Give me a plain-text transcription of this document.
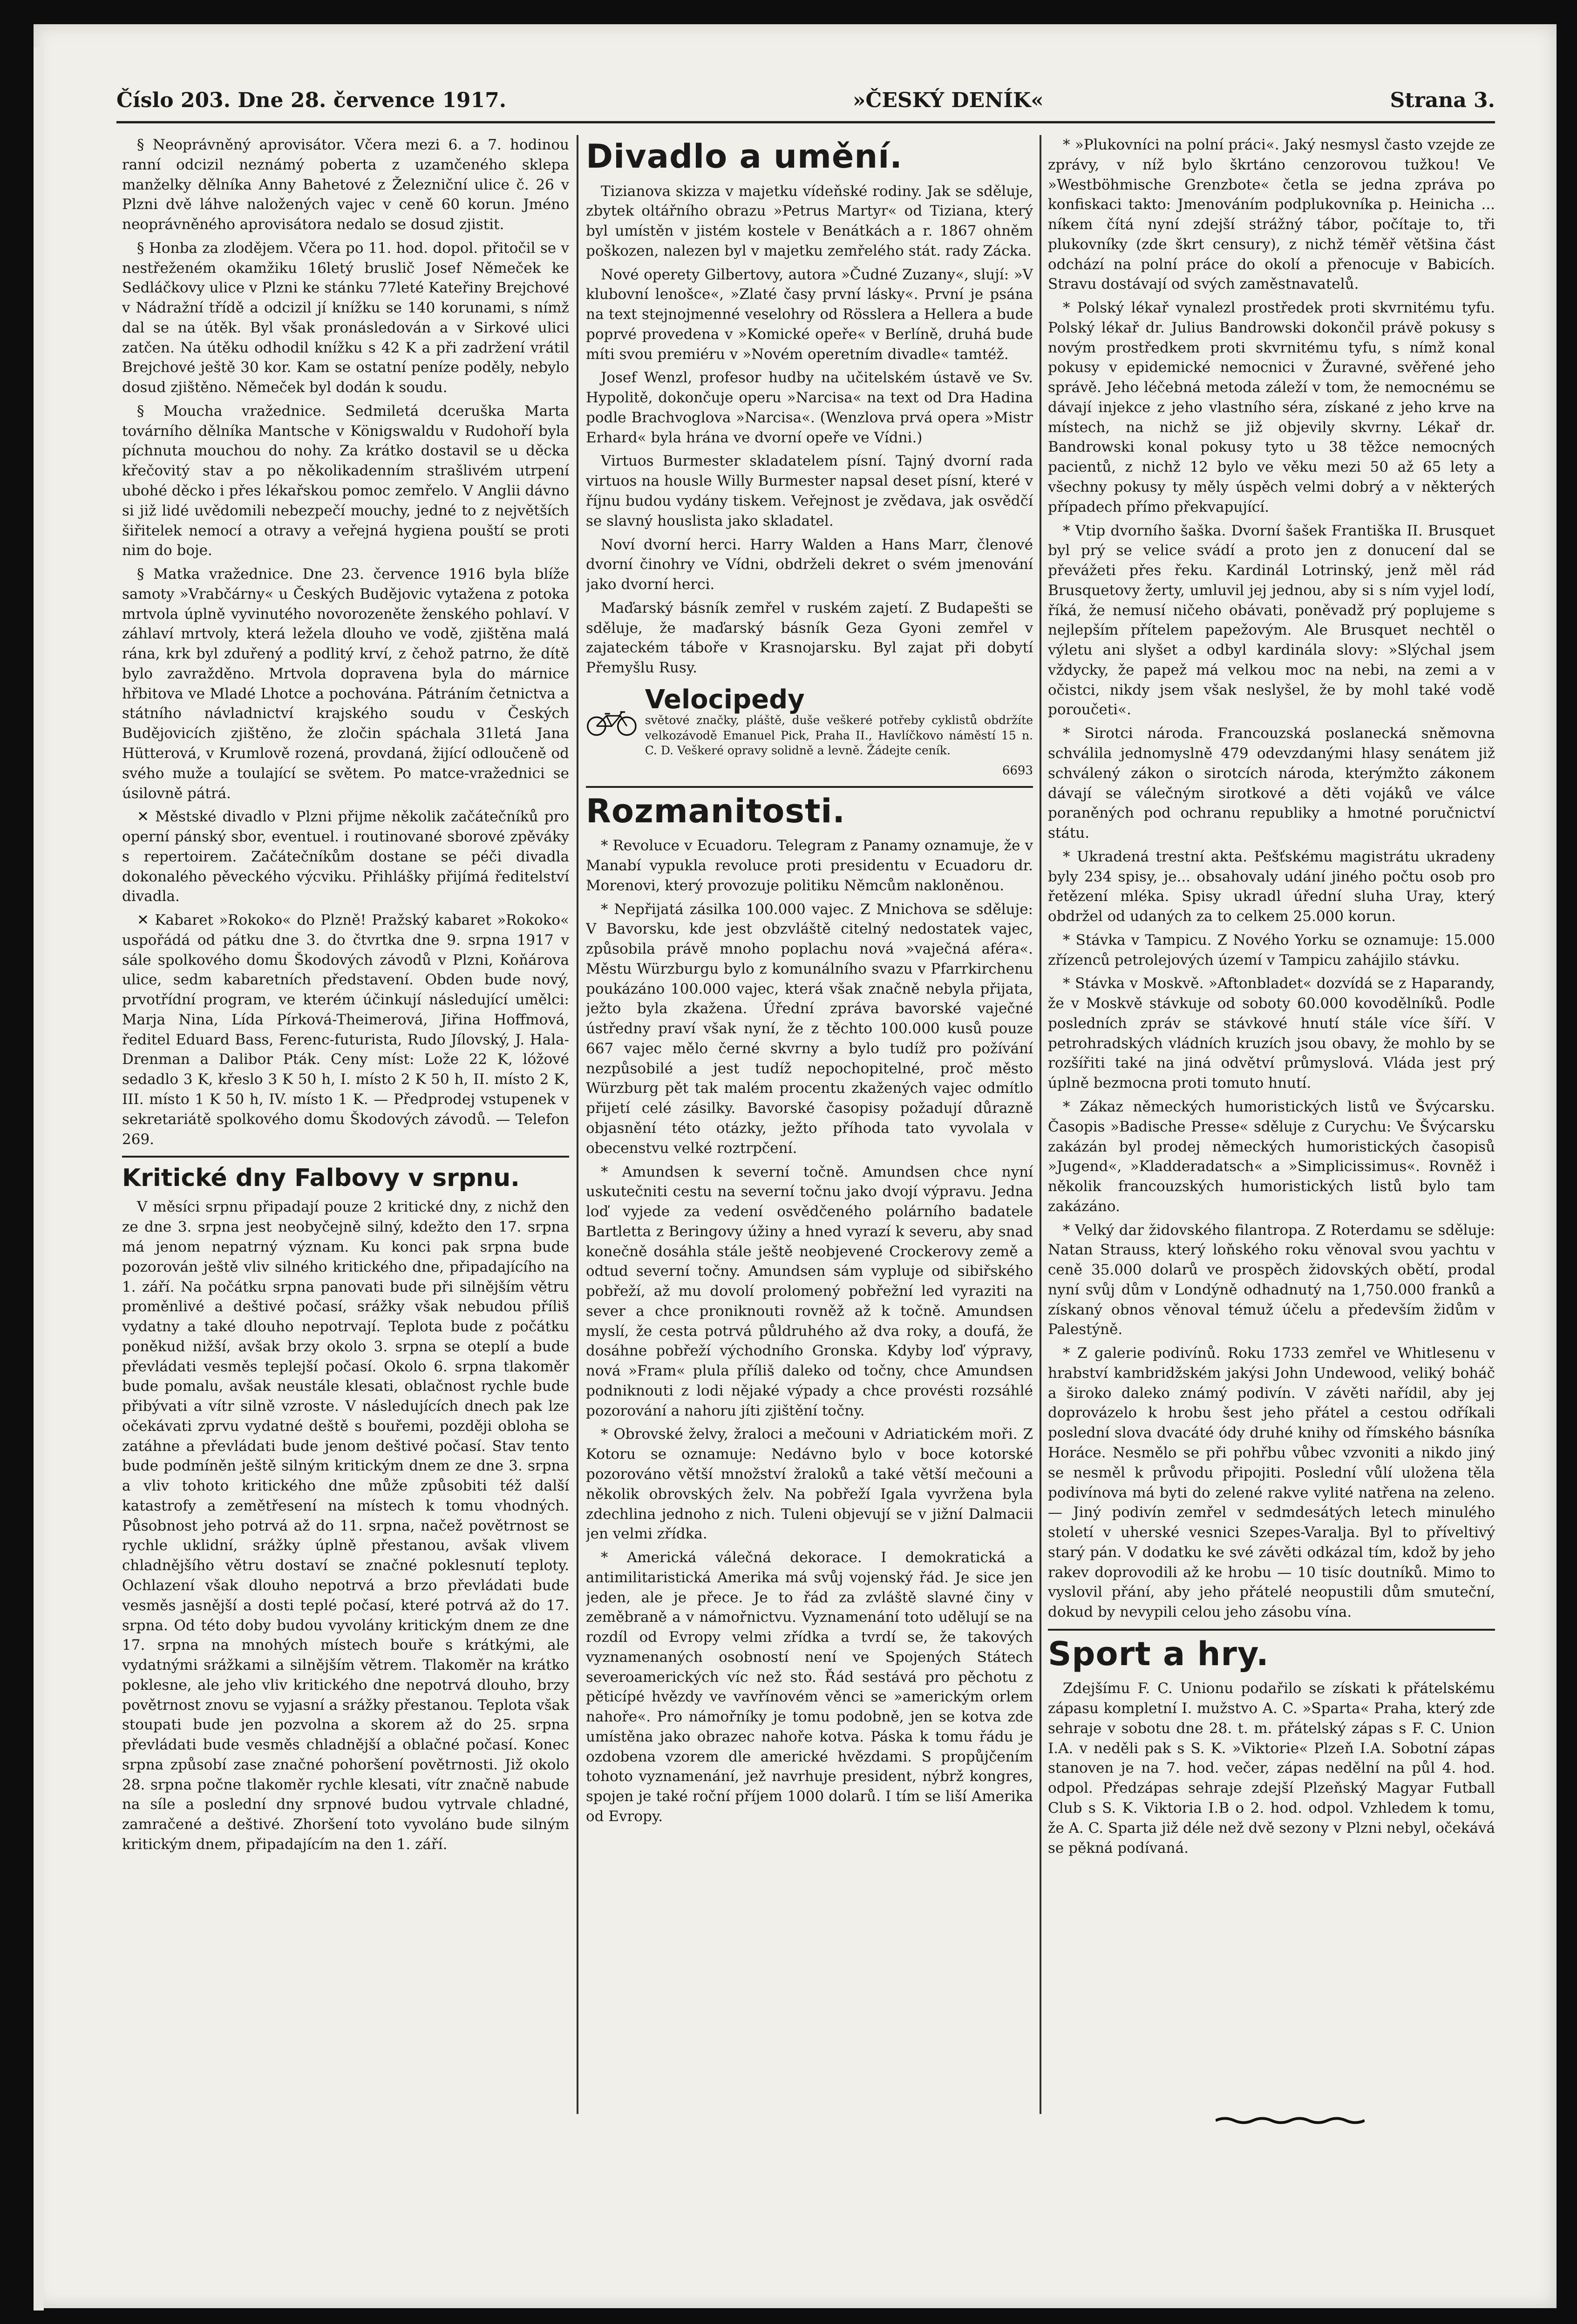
Číslo 203. Dne 28. července 1917.	»ČESKÝ DENÍK«	Strana 3.

§ Neoprávněný aprovisátor. Včera mezi 6. a 7. hodinou ranní odcizil neznámý poberta z uzamčeného sklepa manželky dělníka Anny Bahetové z Železniční ulice č. 26 v Plzni dvě láhve naložených vajec v ceně 60 korun. Jméno neoprávněného aprovisátora nedalo se dosud zjistit.

§ Honba za zlodějem. Včera po 11. hod. dopol. přitočil se v nestřeženém okamžiku 16letý bruslič Josef Němeček ke Sedláčkovy ulice v Plzni ke stánku 77leté Kateřiny Brejchové v Nádražní třídě a odcizil jí knížku se 140 korunami, s nímž dal se na útěk. Byl však pronásledován a v Sirkové ulici zatčen. Na útěku odhodil knížku s 42 K a při zadržení vrátil Brejchové ještě 30 kor. Kam se ostatní peníze poděly, nebylo dosud zjištěno. Němeček byl dodán k soudu.

§ Moucha vražednice. Sedmiletá dceruška Marta továrního dělníka Mantsche v Königswaldu v Rudohoří byla píchnuta mouchou do nohy. Za krátko dostavil se u děcka křečovitý stav a po několikadenním strašlivém utrpení ubohé děcko i přes lékařskou pomoc zemřelo. V Anglii dávno si již lidé uvědomili nebezpečí mouchy, jedné to z největších šiřitelek nemocí a otravy a veřejná hygiena pouští se proti nim do boje.

§ Matka vražednice. Dne 23. července 1916 byla blíže samoty »Vrabčárny« u Českých Budějovic vytažena z potoka mrtvola úplně vyvinutého novorozeněte ženského pohlaví. V záhlaví mrtvoly, která ležela dlouho ve vodě, zjištěna malá rána, krk byl zduřený a podlitý krví, z čehož patrno, že dítě bylo zavražděno. Mrtvola dopravena byla do márnice hřbitova ve Mladé Lhotce a pochována. Pátráním četnictva a státního návladnictví krajského soudu v Českých Budějovicích zjištěno, že zločin spáchala 31letá Jana Hütterová, v Krumlově rozená, provdaná, žijící odloučeně od svého muže a toulající se světem. Po matce-vražednici se úsilovně pátrá.

✕ Městské divadlo v Plzni přijme několik začátečníků pro operní pánský sbor, eventuel. i routinované sborové zpěváky s repertoirem. Začátečníkům dostane se péči divadla dokonalého pěveckého výcviku. Přihlášky přijímá ředitelství divadla.

✕ Kabaret »Rokoko« do Plzně! Pražský kabaret »Rokoko« uspořádá od pátku dne 3. do čtvrtka dne 9. srpna 1917 v sále spolkového domu Škodových závodů v Plzni, Koňárova ulice, sedm kabaretních představení. Obden bude nový, prvotřídní program, ve kterém účinkují následující umělci: Marja Nina, Lída Pírková-Theimerová, Jiřina Hoffmová, ředitel Eduard Bass, Ferenc-futurista, Rudo Jílovský, J. Hala-Drenman a Dalibor Pták. Ceny míst: Lože 22 K, lóžové sedadlo 3 K, křeslo 3 K 50 h, I. místo 2 K 50 h, II. místo 2 K, III. místo 1 K 50 h, IV. místo 1 K. — Předprodej vstupenek v sekretariátě spolkového domu Škodových závodů. — Telefon 269.

Kritické dny Falbovy v srpnu.

V měsíci srpnu připadají pouze 2 kritické dny, z nichž den ze dne 3. srpna jest neobyčejně silný, kdežto den 17. srpna má jenom nepatrný význam. Ku konci pak srpna bude pozorován ještě vliv silného kritického dne, připadajícího na 1. září. Na počátku srpna panovati bude při silnějším větru proměnlivé a deštivé počasí, srážky však nebudou příliš vydatny a také dlouho nepotrvají. Teplota bude z počátku poněkud nižší, avšak brzy okolo 3. srpna se oteplí a bude převládati vesměs teplejší počasí. Okolo 6. srpna tlakoměr bude pomalu, avšak neustále klesati, oblačnost rychle bude přibývati a vítr silně vzroste. V následujících dnech pak lze očekávati zprvu vydatné deště s bouřemi, později obloha se zatáhne a převládati bude jenom deštivé počasí. Stav tento bude podmíněn ještě silným kritickým dnem ze dne 3. srpna a vliv tohoto kritického dne může způsobiti též další katastrofy a zemětřesení na místech k tomu vhodných. Působnost jeho potrvá až do 11. srpna, načež povětrnost se rychle uklidní, srážky úplně přestanou, avšak vlivem chladnějšího větru dostaví se značné poklesnutí teploty. Ochlazení však dlouho nepotrvá a brzo převládati bude vesměs jasnější a dosti teplé počasí, které potrvá až do 17. srpna. Od této doby budou vyvolány kritickým dnem ze dne 17. srpna na mnohých místech bouře s krátkými, ale vydatnými srážkami a silnějším větrem. Tlakoměr na krátko poklesne, ale jeho vliv kritického dne nepotrvá dlouho, brzy povětrnost znovu se vyjasní a srážky přestanou. Teplota však stoupati bude jen pozvolna a skorem až do 25. srpna převládati bude vesměs chladnější a oblačné počasí. Konec srpna způsobí zase značné pohoršení povětrnosti. Již okolo 28. srpna počne tlakoměr rychle klesati, vítr značně nabude na síle a poslední dny srpnové budou vytrvale chladné, zamračené a deštivé. Zhoršení toto vyvoláno bude silným kritickým dnem, připadajícím na den 1. září.

Divadlo a umění.

Tizianova skizza v majetku vídeňské rodiny. Jak se sděluje, zbytek oltářního obrazu »Petrus Martyr« od Tiziana, který byl umístěn v jistém kostele v Benátkách a r. 1867 ohněm poškozen, nalezen byl v majetku zemřelého stát. rady Zácka.

Nové operety Gilbertovy, autora »Čudné Zuzany«, slují: »V klubovní lenošce«, »Zlaté časy první lásky«. První je psána na text stejnojmenné veselohry od Rösslera a Hellera a bude poprvé provedena v »Komické opeře« v Berlíně, druhá bude míti svou premiéru v »Novém operetním divadle« tamtéž.

Josef Wenzl, profesor hudby na učitelském ústavě ve Sv. Hypolitě, dokončuje operu »Narcisa« na text od Dra Hadina podle Brachvoglova »Narcisa«. (Wenzlova prvá opera »Mistr Erhard« byla hrána ve dvorní opeře ve Vídni.)

Virtuos Burmester skladatelem písní. Tajný dvorní rada virtuos na housle Willy Burmester napsal deset písní, které v říjnu budou vydány tiskem. Veřejnost je zvědava, jak osvědčí se slavný houslista jako skladatel.

Noví dvorní herci. Harry Walden a Hans Marr, členové dvorní činohry ve Vídni, obdrželi dekret o svém jmenování jako dvorní herci.

Maďarský básník zemřel v ruském zajetí. Z Budapešti se sděluje, že maďarský básník Geza Gyoni zemřel v zajateckém táboře v Krasnojarsku. Byl zajat při dobytí Přemyšlu Rusy.

Velocipedy
světové značky, pláště, duše veškeré potřeby cyklistů obdržíte velkozávodě Emanuel Pick, Praha II., Havlíčkovo náměstí 15 n. C. D. Veškeré opravy solidně a levně. Žádejte ceník.
6693
Rozmanitosti.

* Revoluce v Ecuadoru. Telegram z Panamy oznamuje, že v Manabí vypukla revoluce proti presidentu v Ecuadoru dr. Morenovi, který provozuje politiku Němcům nakloněnou.

* Nepřijatá zásilka 100.000 vajec. Z Mnichova se sděluje: V Bavorsku, kde jest obzvláště citelný nedostatek vajec, způsobila právě mnoho poplachu nová »vaječná aféra«. Městu Würzburgu bylo z komunálního svazu v Pfarrkirchenu poukázáno 100.000 vajec, která však značně nebyla přijata, ježto byla zkažena. Úřední zpráva bavorské vaječné ústředny praví však nyní, že z těchto 100.000 kusů pouze 667 vajec mělo černé skvrny a bylo tudíž pro požívání nezpůsobilé a jest tudíž nepochopitelné, proč město Würzburg pět tak malém procentu zkažených vajec odmítlo přijetí celé zásilky. Bavorské časopisy požadují důrazně objasnění této otázky, ježto příhoda tato vyvolala v obecenstvu velké roztrpčení.

* Amundsen k severní točně. Amundsen chce nyní uskutečniti cestu na severní točnu jako dvojí výpravu. Jedna loď vyjede za vedení osvědčeného polárního badatele Bartletta z Beringovy úžiny a hned vyrazí k severu, aby snad konečně dosáhla stále ještě neobjevené Crockerovy země a odtud severní točny. Amundsen sám vypluje od sibiřského pobřeží, až mu dovolí prolomený pobřežní led vyraziti na sever a chce proniknouti rovněž až k točně. Amundsen myslí, že cesta potrvá půldruhého až dva roky, a doufá, že dosáhne pobřeží východního Gronska. Kdyby loď výpravy, nová »Fram« plula příliš daleko od točny, chce Amundsen podniknouti z lodi nějaké výpady a chce provésti rozsáhlé pozorování a nahoru jíti zjištění točny.

* Obrovské želvy, žraloci a mečouni v Adriatickém moři. Z Kotoru se oznamuje: Nedávno bylo v boce kotorské pozorováno větší množství žraloků a také větší mečouni a několik obrovských želv. Na pobřeží Igala vyvržena byla zdechlina jednoho z nich. Tuleni objevují se v jižní Dalmacii jen velmi zřídka.

* Americká válečná dekorace. I demokratická a antimilitaristická Amerika má svůj vojenský řád. Je sice jen jeden, ale je přece. Je to řád za zvláště slavné činy v zeměbraně a v námořnictvu. Vyznamenání toto udělují se na rozdíl od Evropy velmi zřídka a tvrdí se, že takových vyznamenaných osobností není ve Spojených Státech severoamerických víc než sto. Řád sestává pro pěchotu z pěticípé hvězdy ve vavřínovém věnci se »americkým orlem nahoře«. Pro námořníky je tomu podobně, jen se kotva zde umístěna jako obrazec nahoře kotva. Páska k tomu řádu je ozdobena vzorem dle americké hvězdami. S propůjčením tohoto vyznamenání, jež navrhuje president, nýbrž kongres, spojen je také roční příjem 1000 dolarů. I tím se liší Amerika od Evropy.

* »Plukovníci na polní práci«. Jaký nesmysl často vzejde ze zprávy, v níž bylo škrtáno cenzorovou tužkou! Ve »Westböhmische Grenzbote« četla se jedna zpráva po konfiskaci takto: Jmenováním podplukovníka p. Heinicha ... níkem čítá nyní zdejší strážný tábor, počítaje to, tři plukovníky (zde škrt censury), z nichž téměř většina část odchází na polní práce do okolí a přenocuje v Babicích. Stravu dostávají od svých zaměstnavatelů.

* Polský lékař vynalezl prostředek proti skvrnitému tyfu. Polský lékař dr. Julius Bandrowski dokončil právě pokusy s novým prostředkem proti skvrnitému tyfu, s nímž konal pokusy v epidemické nemocnici v Žuravné, svěřené jeho správě. Jeho léčebná metoda záleží v tom, že nemocnému se dávají injekce z jeho vlastního séra, získané z jeho krve na místech, na nichž se již objevily skvrny. Lékař dr. Bandrowski konal pokusy tyto u 38 těžce nemocných pacientů, z nichž 12 bylo ve věku mezi 50 až 65 lety a všechny pokusy ty měly úspěch velmi dobrý a v některých případech přímo překvapující.

* Vtip dvorního šaška. Dvorní šašek Františka II. Brusquet byl prý se velice svádí a proto jen z donucení dal se převážeti přes řeku. Kardinál Lotrinský, jenž měl rád Brusquetovy žerty, umluvil jej jednou, aby si s ním vyjel lodí, říká, že nemusí ničeho obávati, poněvadž prý poplujeme s nejlepším přítelem papežovým. Ale Brusquet nechtěl o výletu ani slyšet a odbyl kardinála slovy: »Slýchal jsem vždycky, že papež má velkou moc na nebi, na zemi a v očistci, nikdy jsem však neslyšel, že by mohl také vodě poroučeti«.

* Sirotci národa. Francouzská poslanecká sněmovna schválila jednomyslně 479 odevzdanými hlasy senátem již schválený zákon o sirotcích národa, kterýmžto zákonem dávají se válečným sirotkové a děti vojáků ve válce poraněných pod ochranu republiky a hmotné poručnictví státu.

* Ukradená trestní akta. Pešťskému magistrátu ukradeny byly 234 spisy, je... obsahovaly udání jiného počtu osob pro řetězení mléka. Spisy ukradl úřední sluha Uray, který obdržel od udaných za to celkem 25.000 korun.

* Stávka v Tampicu. Z Nového Yorku se oznamuje: 15.000 zřízenců petrolejových území v Tampicu zahájilo stávku.

* Stávka v Moskvě. »Aftonbladet« dozvídá se z Haparandy, že v Moskvě stávkuje od soboty 60.000 kovodělníků. Podle posledních zpráv se stávkové hnutí stále více šíří. V petrohradských vládních kruzích jsou obavy, že mohlo by se rozšířiti také na jiná odvětví průmyslová. Vláda jest prý úplně bezmocna proti tomuto hnutí.

* Zákaz německých humoristických listů ve Švýcarsku. Časopis »Badische Presse« sděluje z Curychu: Ve Švýcarsku zakázán byl prodej německých humoristických časopisů »Jugend«, »Kladderadatsch« a »Simplicissimus«. Rovněž i několik francouzských humoristických listů bylo tam zakázáno.

* Velký dar židovského filantropa. Z Roterdamu se sděluje: Natan Strauss, který loňského roku věnoval svou yachtu v ceně 35.000 dolarů ve prospěch židovských obětí, prodal nyní svůj dům v Londýně odhadnutý na 1,750.000 franků a získaný obnos věnoval témuž účelu a především židům v Palestýně.

* Z galerie podivínů. Roku 1733 zemřel ve Whitlesenu v hrabství kambridžském jakýsi John Undewood, veliký boháč a široko daleko známý podivín. V závěti nařídil, aby jej doprovázelo k hrobu šest jeho přátel a cestou odříkali poslední slova dvacáté ódy druhé knihy od římského básníka Horáce. Nesmělo se při pohřbu vůbec vzvoniti a nikdo jiný se nesměl k průvodu připojiti. Poslední vůlí uložena těla podivínova má byti do zelené rakve vylité natřena na zeleno. — Jiný podivín zemřel v sedmdesátých letech minulého století v uherské vesnici Szepes-Varalja. Byl to příveltivý starý pán. V dodatku ke své závěti odkázal tím, kdož by jeho rakev doprovodili až ke hrobu — 10 tisíc doutníků. Mimo to vyslovil přání, aby jeho přátelé neopustili dům smuteční, dokud by nevypili celou jeho zásobu vína.

Sport a hry.

Zdejšímu F. C. Unionu podařilo se získati k přátelskému zápasu kompletní I. mužstvo A. C. »Sparta« Praha, který zde sehraje v sobotu dne 28. t. m. přátelský zápas s F. C. Union I.A. v neděli pak s S. K. »Viktorie« Plzeň I.A. Sobotní zápas stanoven je na 7. hod. večer, zápas nedělní na půl 4. hod. odpol. Předzápas sehraje zdejší Plzeňský Magyar Futball Club s S. K. Viktoria I.B o 2. hod. odpol. Vzhledem k tomu, že A. C. Sparta již déle než dvě sezony v Plzni nebyl, očekává se pěkná podívaná.
